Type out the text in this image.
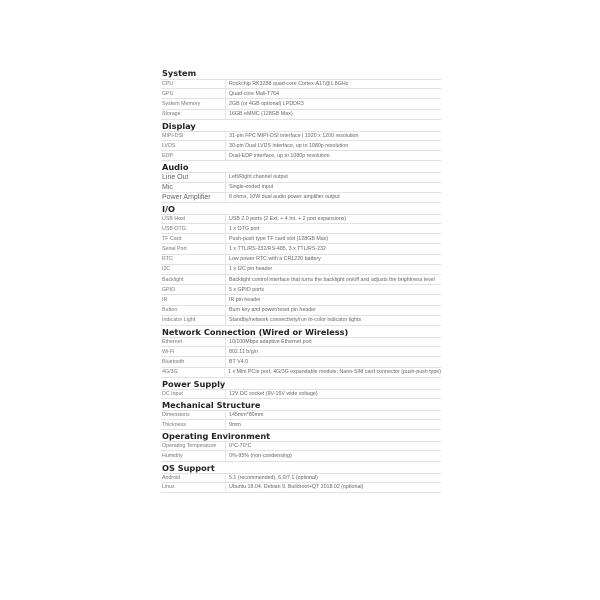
System
CPU	Rockchip RK3288 quad-core Cortex-A17@1.8GHz
GPU	Quad-core Mali-T764
System Memory	2GB (or 4GB optional) LPDDR3
Storage	16GB eMMC (128GB Max)
Display
MIPI-DSI	31-pin FPC MIPI-DSI interface | 1920 x 1200 resolution
LVDS	30-pin Dual LVDS interface, up to 1080p resolution
EDP	Dual-EDP interface, up to 1080p resolution
Audio
Line Out	Left/Right channel output
Mic	Single-ended input
Power Amplifier	8 ohms, 10W dual audio power amplifier output
I/O
USB Host	USB 2.0 ports (2 Ext. + 4 Int. + 2 port expansions)
USB OTG	1 x OTG port
TF Card	Push-push type TF card slot (128GB Max)
Serial Port	1 x TTL/RS-232/RS-485, 3 x TTL/RS-232
RTC	Low power RTC with a CR1220 battery
I2C	1 x I2C pin header
Backlight	Backlight control interface that turns the backlight on/off and adjusts the brightness level
GPIO	5 x GPIO ports
IR	IR pin header
Button	Burn key and power/reset pin header
Indicator Light	Standby/network connectivity/run tri-color indicator lights
Network Connection (Wired or Wireless)
Ethernet	10/100Mbps adaptive Ethernet port
Wi-Fi	802.11 b/g/n
Bluetooth	BT V4.0
4G/3G	1 x Mini PCIe port, 4G/3G expandable module; Nano-SIM card connector (push-push type)
Power Supply
DC Input	12V DC socket (9V-15V wide voltage)
Mechanical Structure
Dimensions	145mm*80mm
Thickness	9mm
Operating Environment
Operating Temperature	0°C-70°C
Humidity	0%-95% (non-condensing)
OS Support
Android	5.1 (recommended), 6.0/7.1 (optional)
Linux	Ubuntu 18.04, Debian 9, Buildroot+QT 2018.02 (optional)
